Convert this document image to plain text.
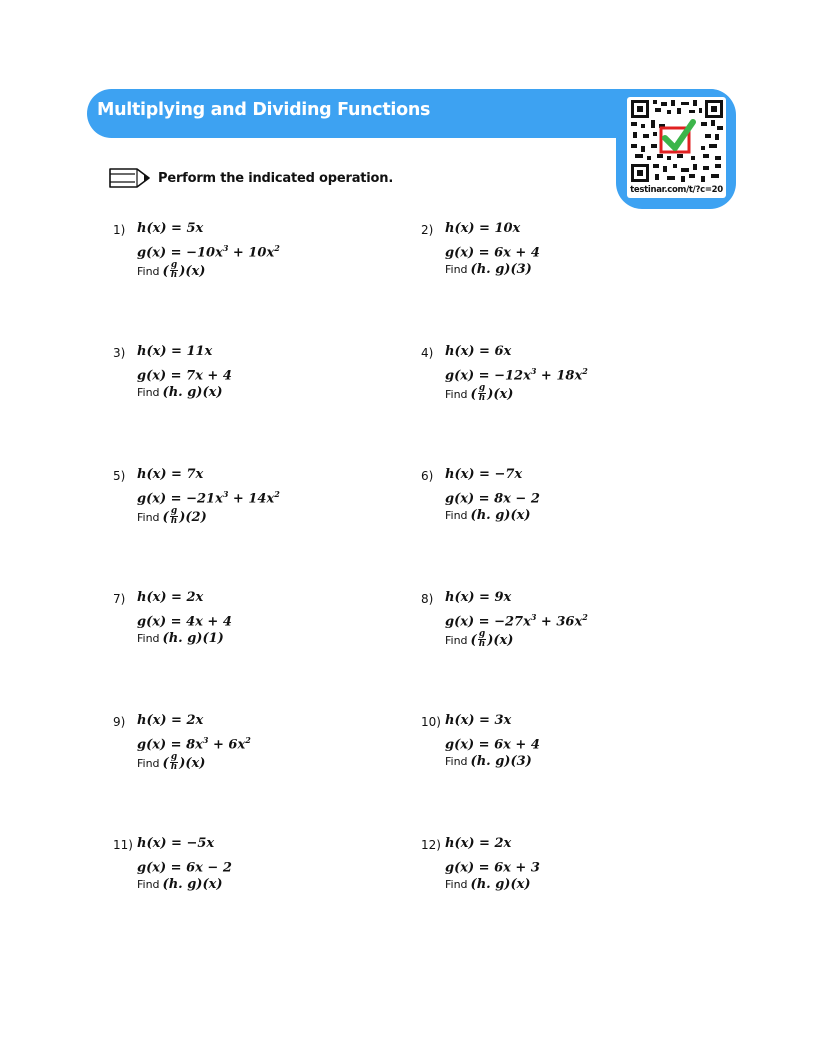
Multiplying and Dividing Functions
testinar.com/t/?c=20
Perform the indicated operation.
1) h(x) = 5x
$g(x) = -10x^3 + 10x^2$
Find ( $\frac{g}{h} )(x)$
2) h(x) = 10x
g(x) = 6x + 4
Find (h. g)(3)
3) h(x) = 11x
g(x) = 7x + 4
Find (h. g)(x)
4) h(x) = 6x
$g(x) = -12x^3 + 18x^2$
Find ( $\frac{g}{h} )(x)$
5) h(x) = 7x
$g(x) = -21x^3 + 14x^2$
Find ( $\frac{g}{h} )(2)$
6) h(x) = −7x
g(x) = 8x − 2
Find (h. g)(x)
7) h(x) = 2x
g(x) = 4x + 4
Find (h. g)(1)
8) h(x) = 9x
$g(x) = -27x^3 + 36x^2$
Find ( $\frac{g}{h} )(x)$
9) h(x) = 2x
$g(x) = 8x^3 + 6x^2$
Find ( $\frac{g}{h} )(x)$
10) h(x) = 3x
g(x) = 6x + 4
Find (h. g)(3)
11) h(x) = −5x
g(x) = 6x − 2
Find (h. g)(x)
12) h(x) = 2x
g(x) = 6x + 3
Find (h. g)(x)
